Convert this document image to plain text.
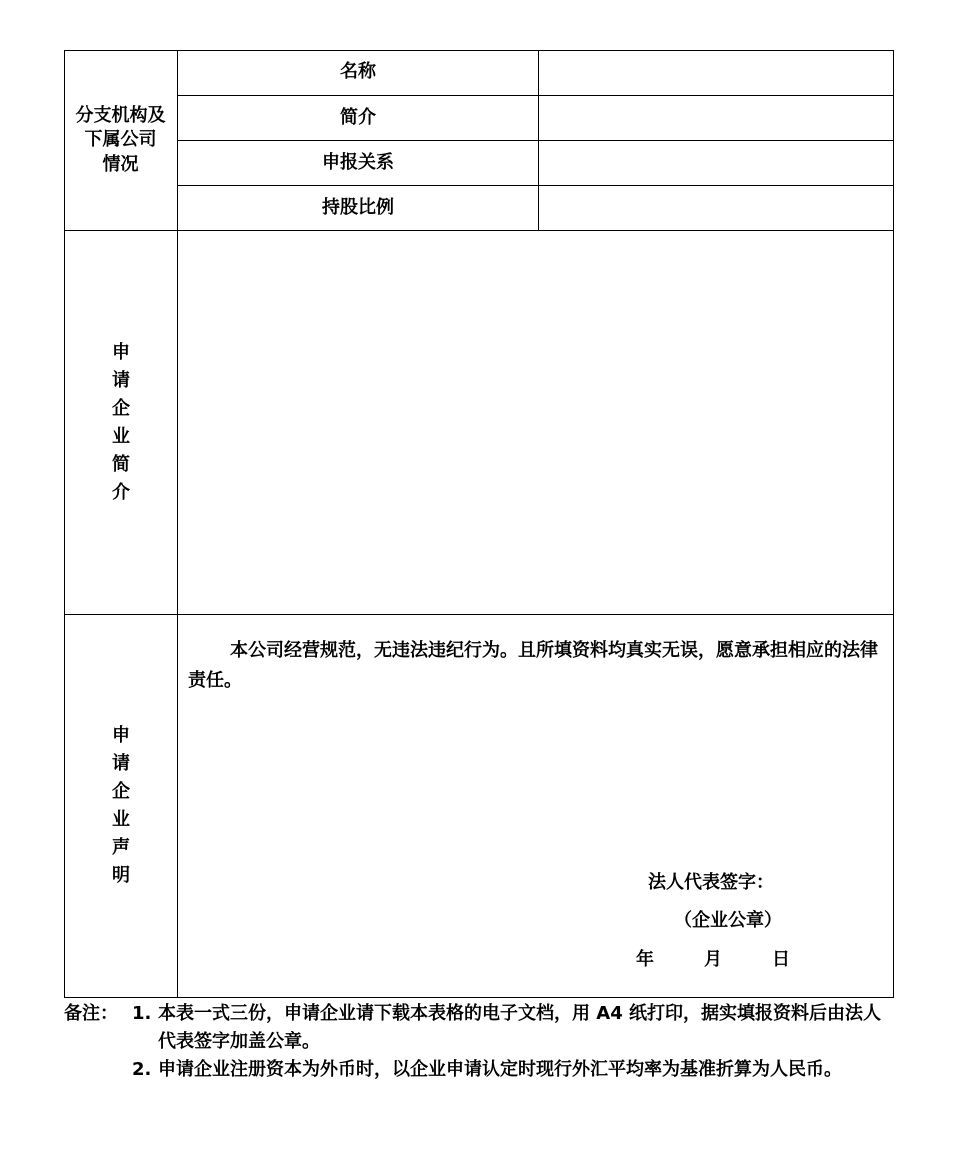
分支机构及
下属公司
情况
名称
简介
申报关系
持股比例
申
请
企
业
简
介
申
请
企
业
声
明
本公司经营规范，无违法违纪行为。且所填资料均真实无误，愿意承担相应的法律责任。
法人代表签字：
（企业公章）
年	月	日
备注： 1. 本表一式三份，申请企业请下载本表格的电子文档，用 A4 纸打印，据实填报资料后由法人代表签字加盖公章。
2. 申请企业注册资本为外币时，以企业申请认定时现行外汇平均率为基准折算为人民币。
